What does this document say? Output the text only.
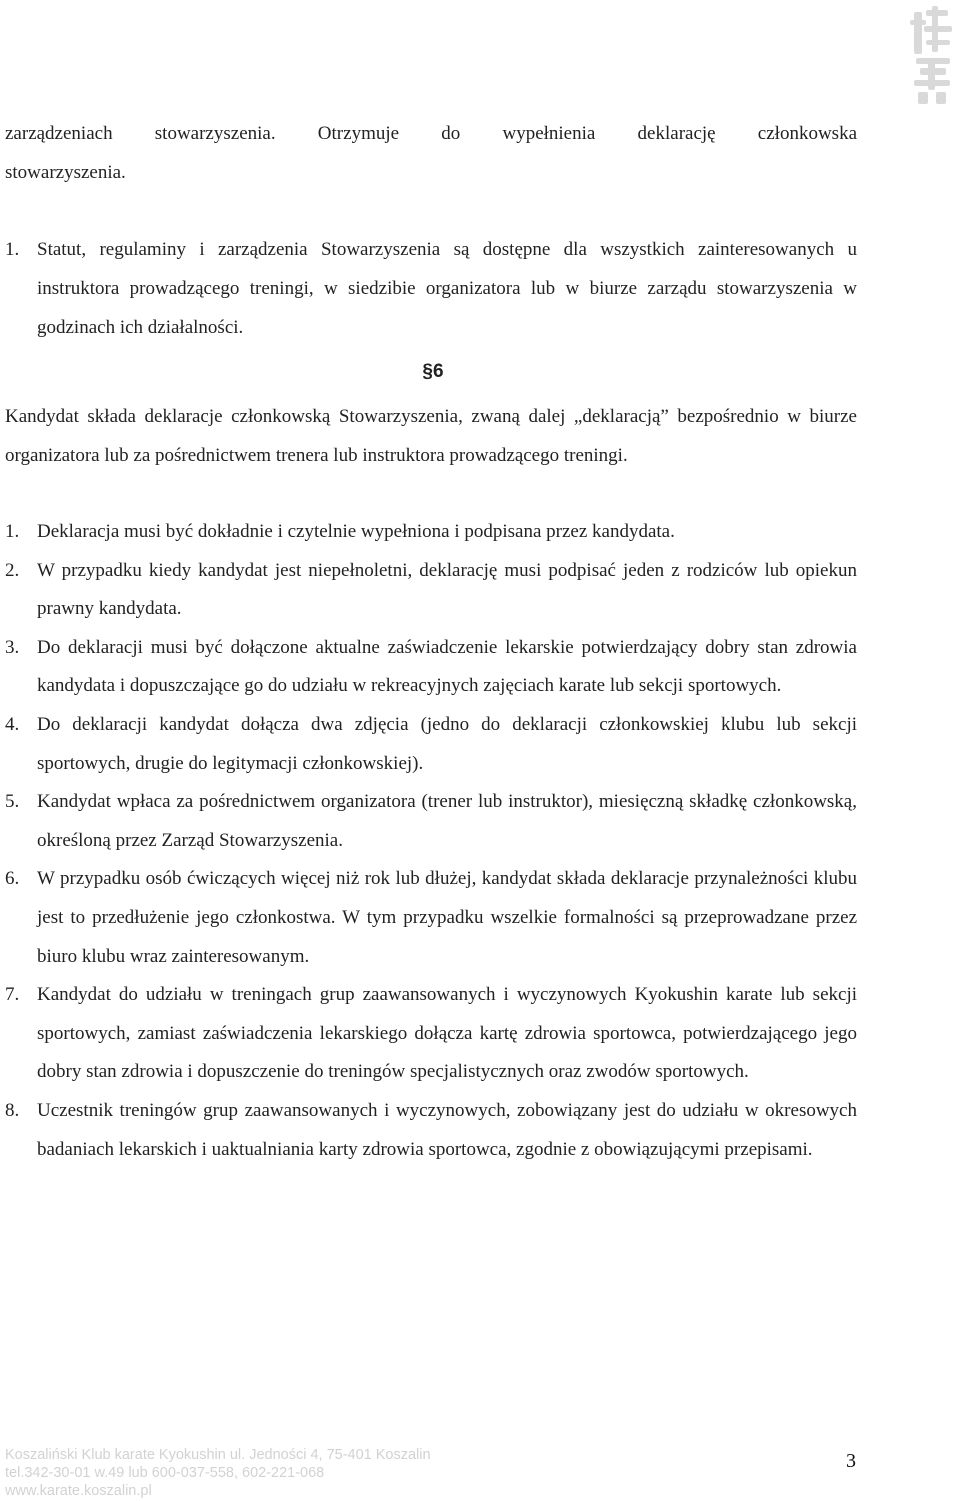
zarządzeniach stowarzyszenia. Otrzymuje do wypełnienia deklarację członkowska

stowarzyszenia.

1. Statut, regulaminy i zarządzenia Stowarzyszenia są dostępne dla wszystkich zainteresowanych u instruktora prowadzącego treningi, w siedzibie organizatora lub w biurze zarządu stowarzyszenia w godzinach ich działalności.
§6

Kandydat składa deklaracje członkowską Stowarzyszenia, zwaną dalej „deklaracją” bezpośrednio w biurze organizatora lub za pośrednictwem trenera lub instruktora prowadzącego treningi.

1. Deklaracja musi być dokładnie i czytelnie wypełniona i podpisana przez kandydata.
2. W przypadku kiedy kandydat jest niepełnoletni, deklarację musi podpisać jeden z rodziców lub opiekun prawny kandydata.
3. Do deklaracji musi być dołączone aktualne zaświadczenie lekarskie potwierdzający dobry stan zdrowia kandydata i dopuszczające go do udziału w rekreacyjnych zajęciach karate lub sekcji sportowych.
4. Do deklaracji kandydat dołącza dwa zdjęcia (jedno do deklaracji członkowskiej klubu lub sekcji sportowych, drugie do legitymacji członkowskiej).
5. Kandydat wpłaca za pośrednictwem organizatora (trener lub instruktor), miesięczną składkę członkowską, określoną przez Zarząd Stowarzyszenia.
6. W przypadku osób ćwiczących więcej niż rok lub dłużej, kandydat składa deklaracje przynależności klubu jest to przedłużenie jego członkostwa. W tym przypadku wszelkie formalności są przeprowadzane przez biuro klubu wraz zainteresowanym.
7. Kandydat do udziału w treningach grup zaawansowanych i wyczynowych Kyokushin karate lub sekcji sportowych, zamiast zaświadczenia lekarskiego dołącza kartę zdrowia sportowca, potwierdzającego jego dobry stan zdrowia i dopuszczenie do treningów specjalistycznych oraz zwodów sportowych.
8. Uczestnik treningów grup zaawansowanych i wyczynowych, zobowiązany jest do udziału w okresowych badaniach lekarskich i uaktualniania karty zdrowia sportowca, zgodnie z obowiązującymi przepisami.
Koszaliński Klub karate Kyokushin ul. Jedności 4, 75-401 Koszalin
tel.342-30-01 w.49 lub 600-037-558, 602-221-068
www.karate.koszalin.pl
3
